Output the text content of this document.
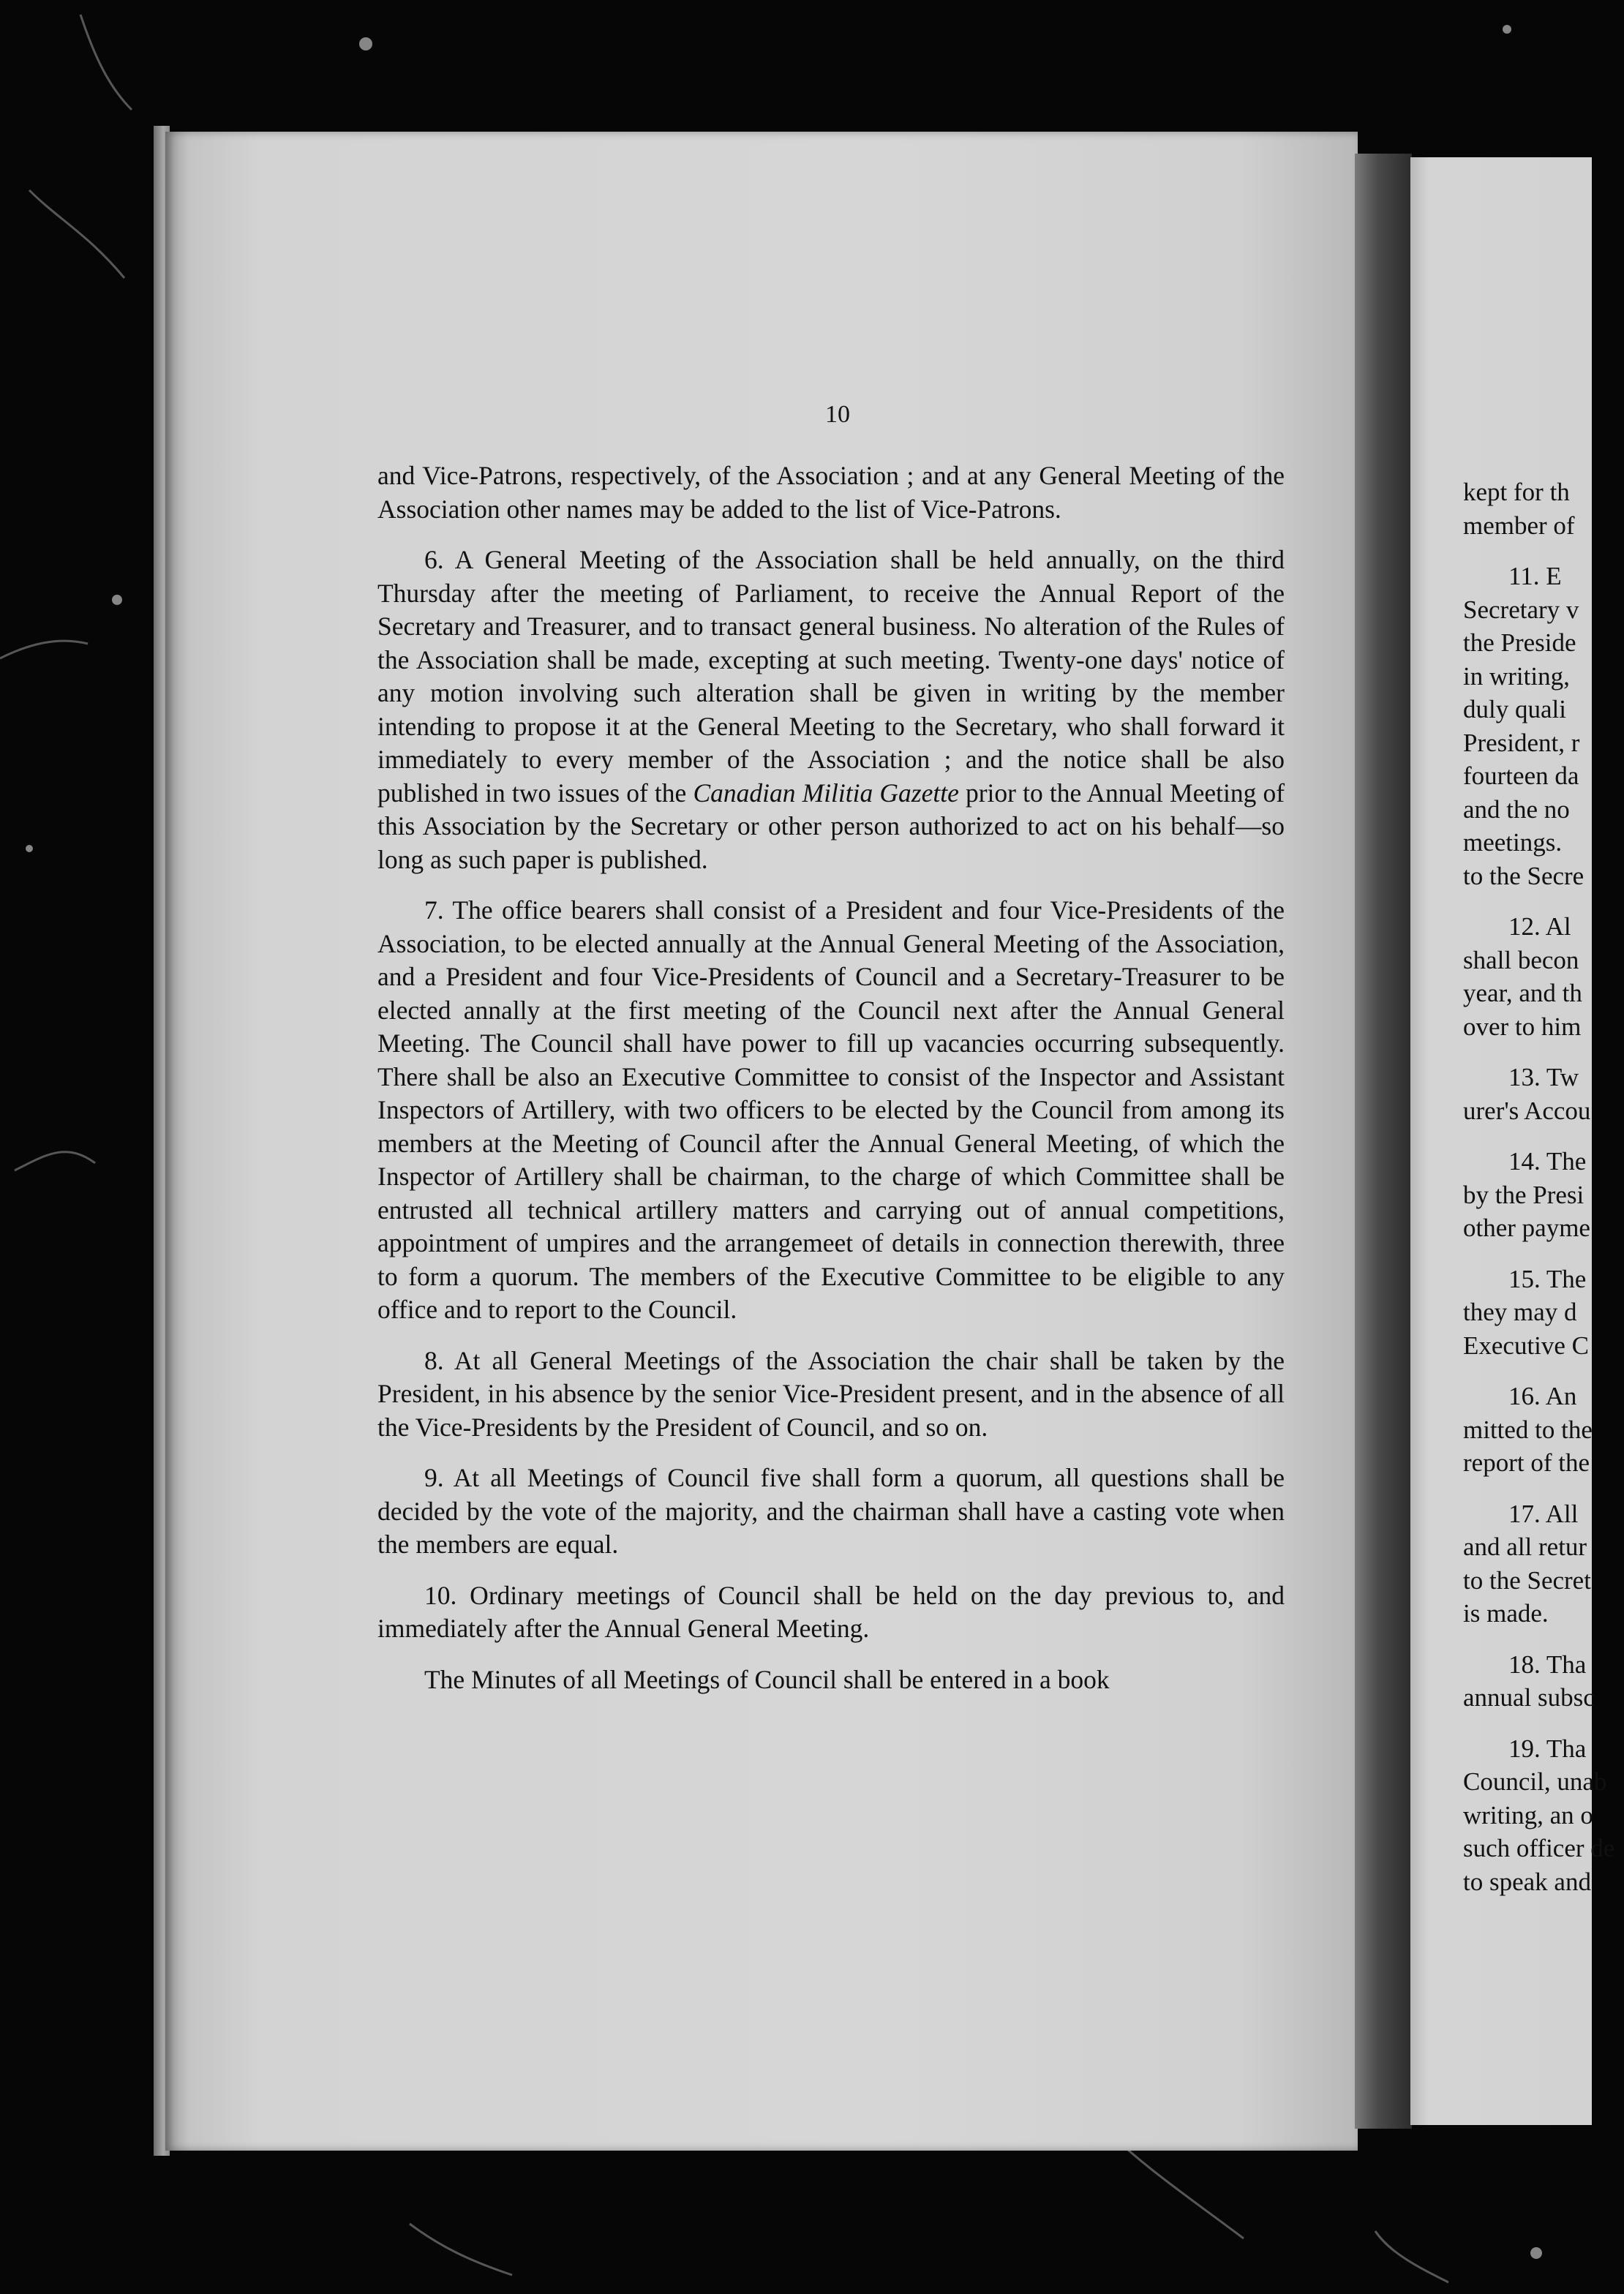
10

and Vice-Patrons, respectively, of the Association ; and at any General Meeting of the Association other names may be added to the list of Vice-Patrons.

6. A General Meeting of the Association shall be held annually, on the third Thursday after the meeting of Parliament, to receive the Annual Report of the Secretary and Treasurer, and to transact general business. No alteration of the Rules of the Association shall be made, excepting at such meeting. Twenty-one days' notice of any motion involving such alteration shall be given in writing by the member intending to propose it at the General Meeting to the Secretary, who shall forward it immediately to every member of the Association ; and the notice shall be also published in two issues of the Canadian Militia Gazette prior to the Annual Meeting of this Association by the Secretary or other person authorized to act on his behalf—so long as such paper is published.

7. The office bearers shall consist of a President and four Vice-Presidents of the Association, to be elected annually at the Annual General Meeting of the Association, and a President and four Vice-Presidents of Council and a Secretary-Treasurer to be elected annally at the first meeting of the Council next after the Annual General Meeting. The Council shall have power to fill up vacancies occurring subsequently. There shall be also an Executive Committee to consist of the Inspector and Assistant Inspectors of Artillery, with two officers to be elected by the Council from among its members at the Meeting of Council after the Annual General Meeting, of which the Inspector of Artillery shall be chairman, to the charge of which Committee shall be entrusted all technical artillery matters and carrying out of annual competitions, appointment of umpires and the arrangemeet of details in connection therewith, three to form a quorum. The members of the Executive Committee to be eligible to any office and to report to the Council.

8. At all General Meetings of the Association the chair shall be taken by the President, in his absence by the senior Vice-President present, and in the absence of all the Vice-Presidents by the President of Council, and so on.

9. At all Meetings of Council five shall form a quorum, all questions shall be decided by the vote of the majority, and the chairman shall have a casting vote when the members are equal.

10. Ordinary meetings of Council shall be held on the day previous to, and immediately after the Annual General Meeting.

The Minutes of all Meetings of Council shall be entered in a book

kept for th
member of
11. E
Secretary v
the Preside
in writing,
duly quali
President, r
fourteen da
and the no
meetings.
to the Secre
12. Al
shall becon
year, and th
over to him
13. Tw
urer's Accou
14. The
by the Presi
other payme
15. The
they may d
Executive C
16. An
mitted to the
report of the
17. All
and all retur
to the Secret
is made.
18. Tha
annual subsc
19. Tha
Council, unab
writing, an o
such officer de
to speak and
